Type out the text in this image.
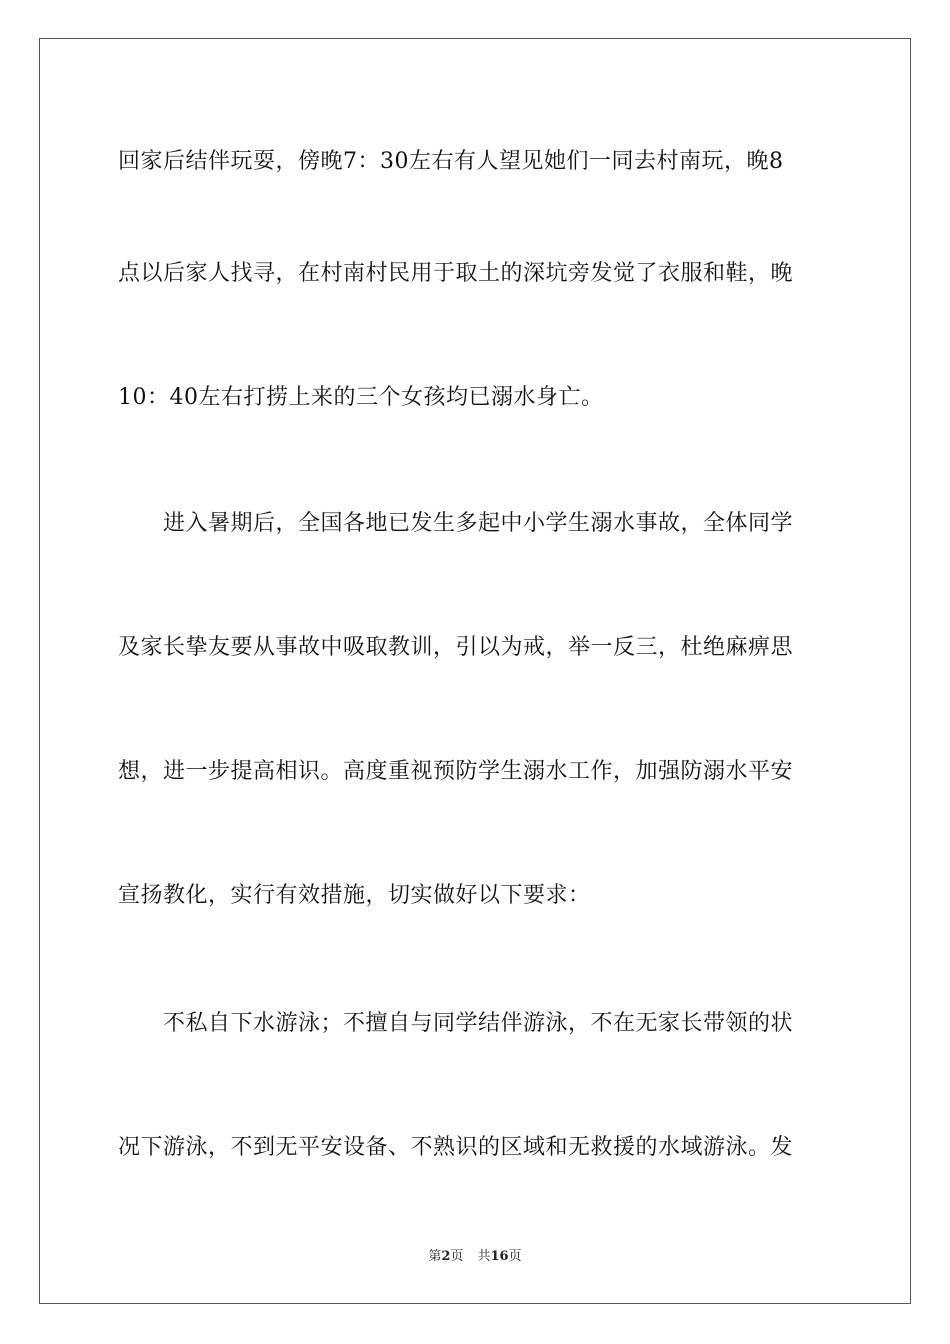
回家后结伴玩耍，傍晚7：30左右有人望见她们一同去村南玩，晚8
点以后家人找寻，在村南村民用于取土的深坑旁发觉了衣服和鞋，晚
10：40左右打捞上来的三个女孩均已溺水身亡。
　　进入暑期后，全国各地已发生多起中小学生溺水事故，全体同学
及家长挚友要从事故中吸取教训，引以为戒，举一反三，杜绝麻痹思
想，进一步提高相识。高度重视预防学生溺水工作，加强防溺水平安
宣扬教化，实行有效措施，切实做好以下要求：
　　不私自下水游泳；不擅自与同学结伴游泳，不在无家长带领的状
况下游泳，不到无平安设备、不熟识的区域和无救援的水域游泳。发
第2页 共16页
